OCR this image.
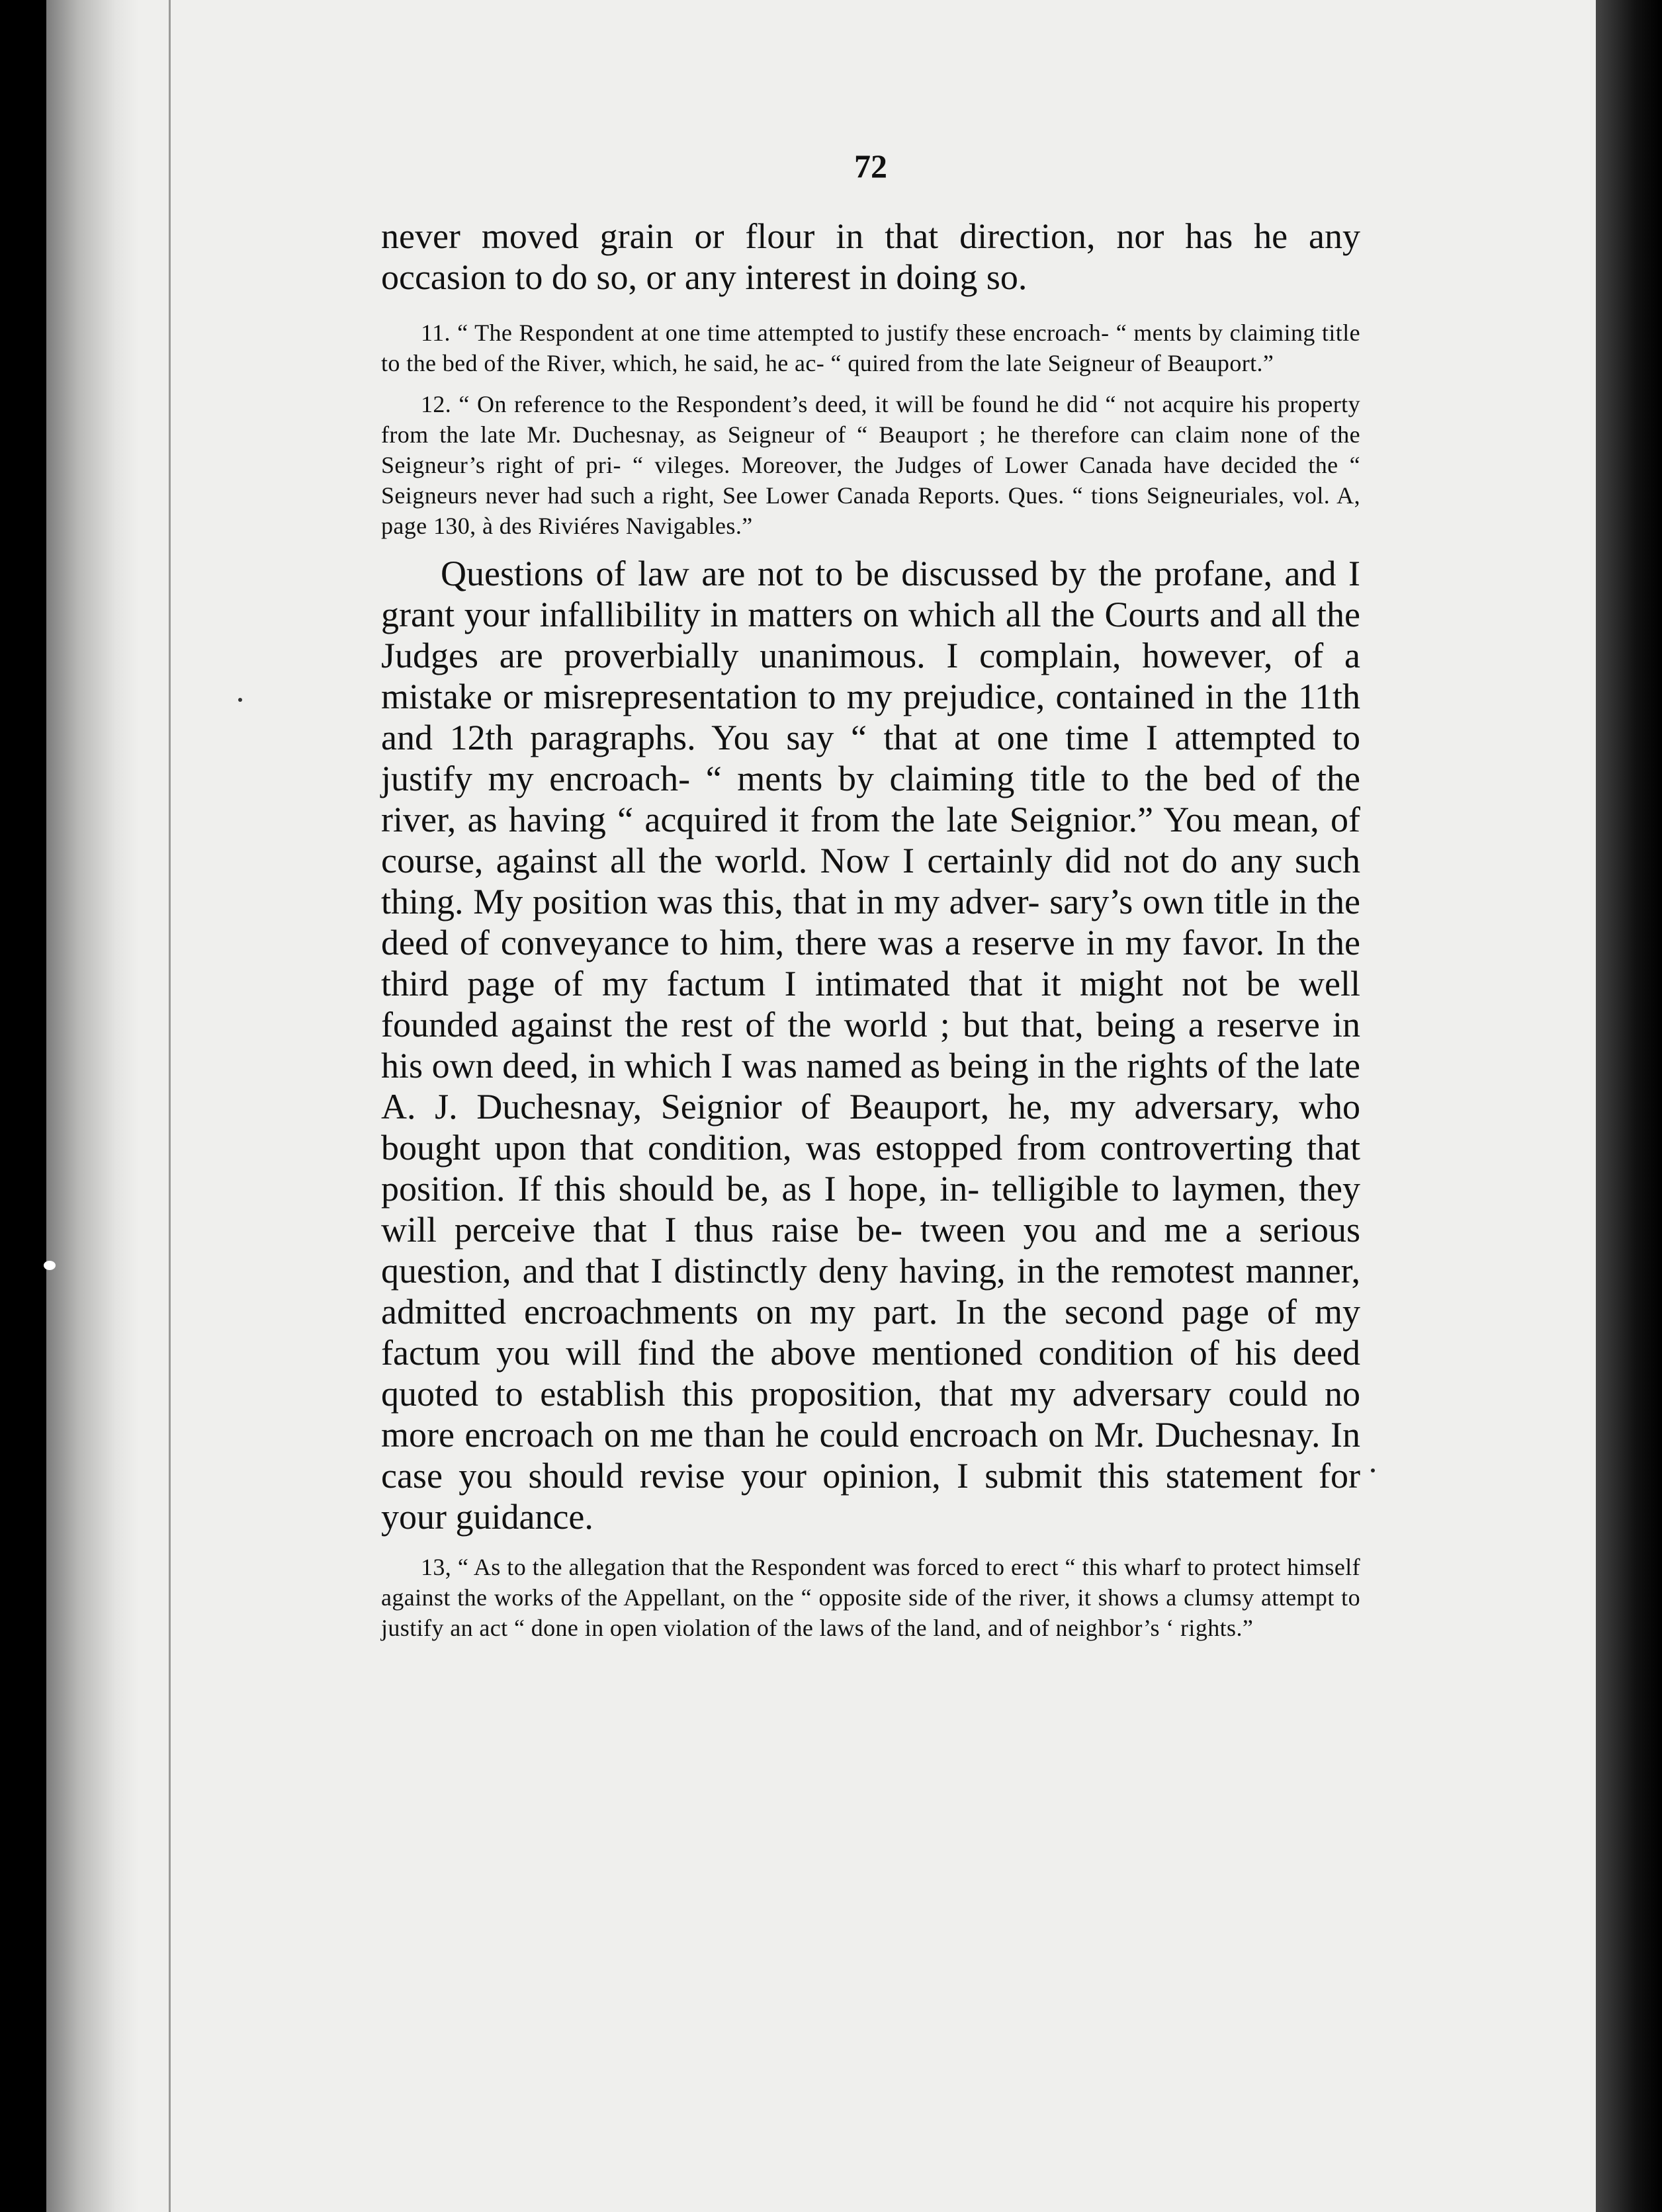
72

never moved grain or flour in that direction, nor has he any occasion to do so, or any interest in doing so.

11. “ The Respondent at one time attempted to justify these encroach- “ ments by claiming title to the bed of the River, which, he said, he ac- “ quired from the late Seigneur of Beauport.”

12. “ On reference to the Respondent’s deed, it will be found he did “ not acquire his property from the late Mr. Duchesnay, as Seigneur of “ Beauport ; he therefore can claim none of the Seigneur’s right of pri- “ vileges. Moreover, the Judges of Lower Canada have decided the “ Seigneurs never had such a right, See Lower Canada Reports. Ques. “ tions Seigneuriales, vol. A, page 130, à des Riviéres Navigables.”

Questions of law are not to be discussed by the profane, and I grant your infallibility in matters on which all the Courts and all the Judges are proverbially unanimous. I complain, however, of a mistake or misrepresentation to my prejudice, contained in the 11th and 12th paragraphs. You say “ that at one time I attempted to justify my encroach- “ ments by claiming title to the bed of the river, as having “ acquired it from the late Seignior.” You mean, of course, against all the world. Now I certainly did not do any such thing. My position was this, that in my adver- sary’s own title in the deed of conveyance to him, there was a reserve in my favor. In the third page of my factum I intimated that it might not be well founded against the rest of the world ; but that, being a reserve in his own deed, in which I was named as being in the rights of the late A. J. Duchesnay, Seignior of Beauport, he, my adversary, who bought upon that condition, was estopped from controverting that position. If this should be, as I hope, in- telligible to laymen, they will perceive that I thus raise be- tween you and me a serious question, and that I distinctly deny having, in the remotest manner, admitted encroachments on my part. In the second page of my factum you will find the above mentioned condition of his deed quoted to establish this proposition, that my adversary could no more encroach on me than he could encroach on Mr. Duchesnay. In case you should revise your opinion, I submit this statement for your guidance.

13, “ As to the allegation that the Respondent was forced to erect “ this wharf to protect himself against the works of the Appellant, on the “ opposite side of the river, it shows a clumsy attempt to justify an act “ done in open violation of the laws of the land, and of neighbor’s ‘ rights.”
